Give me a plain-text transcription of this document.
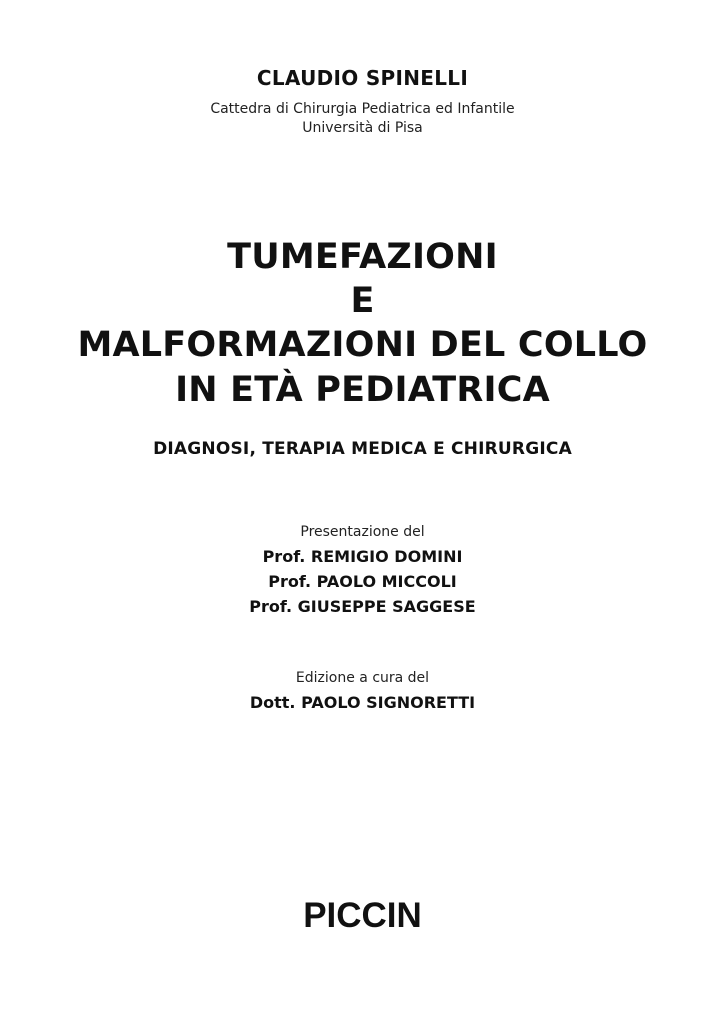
CLAUDIO SPINELLI
Cattedra di Chirurgia Pediatrica ed Infantile
Università di Pisa
TUMEFAZIONI
E
MALFORMAZIONI DEL COLLO
IN ETÀ PEDIATRICA
DIAGNOSI, TERAPIA MEDICA E CHIRURGICA
Presentazione del
Prof. REMIGIO DOMINI
Prof. PAOLO MICCOLI
Prof. GIUSEPPE SAGGESE
Edizione a cura del
Dott. PAOLO SIGNORETTI
PICCIN
